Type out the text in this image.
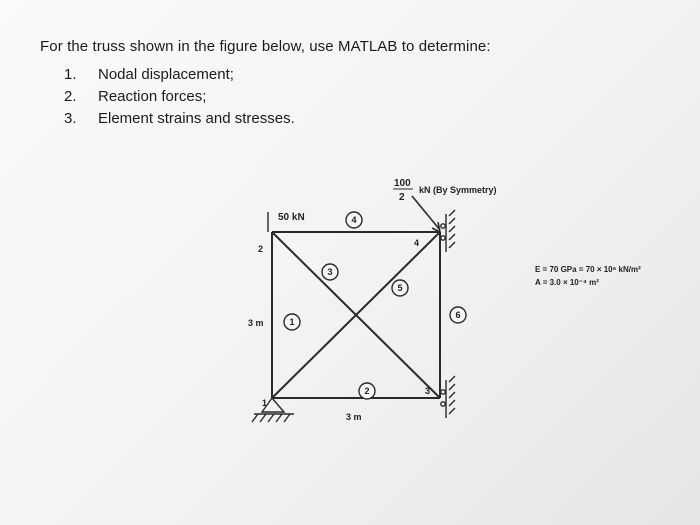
For the truss shown in the figure below, use MATLAB to determine:
1.	Nodal displacement;
2.	Reaction forces;
3.	Element strains and stresses.
100
2
kN (By Symmetry)
50 kN
1
2
3
4
1
2
3
4
5
6
3 m
3 m
E = 70 GPa = 70 × 10⁶ kN/m²
A = 3.0 × 10⁻⁴ m²
